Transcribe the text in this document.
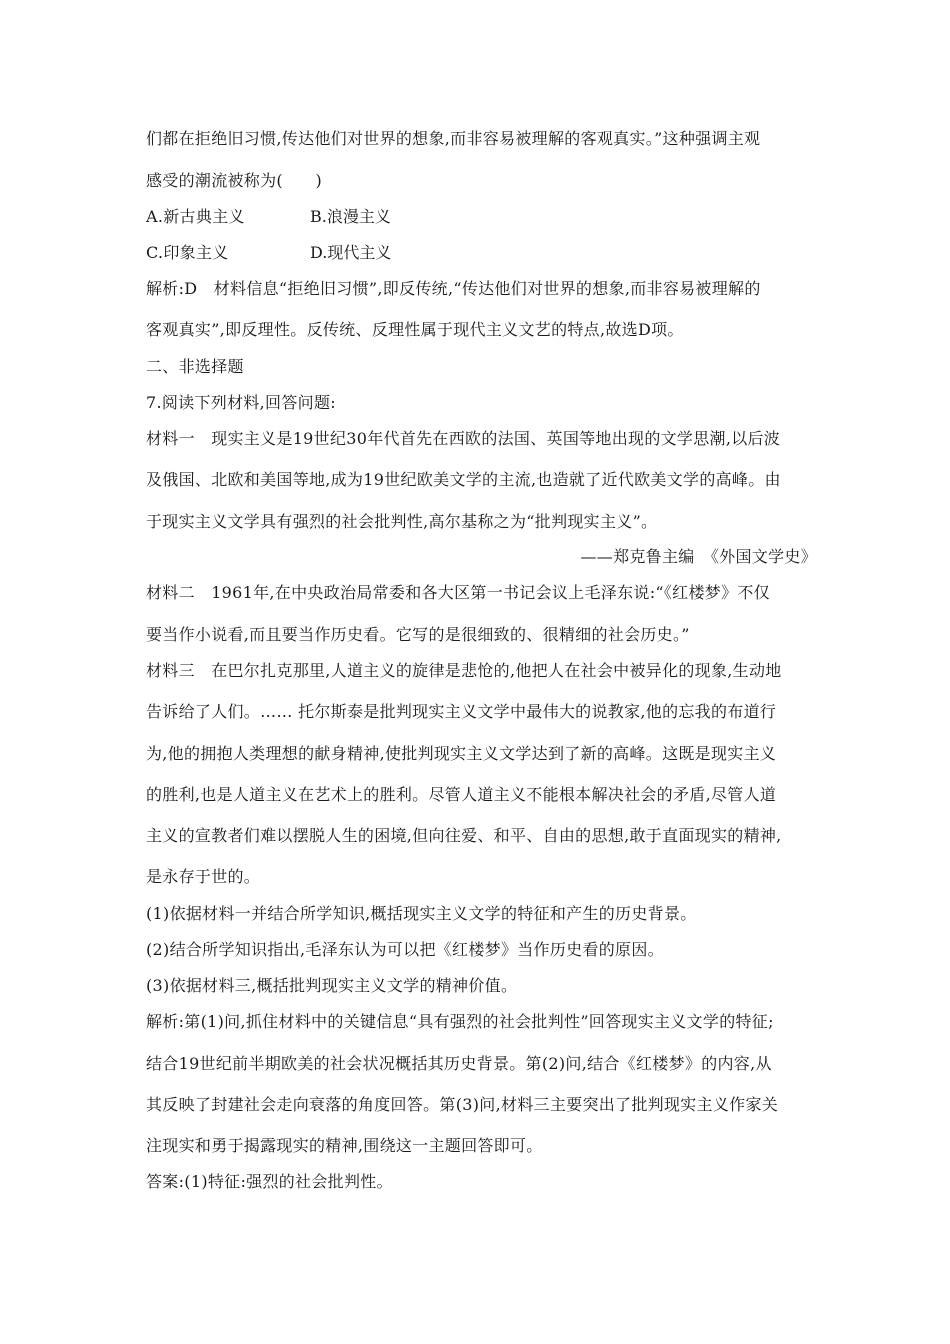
们都在拒绝旧习惯,传达他们对世界的想象,而非容易被理解的客观真实。”这种强调主观
感受的潮流被称为(　　)
A.新古典主义	B.浪漫主义
C.印象主义	D.现代主义
解析:D　材料信息“拒绝旧习惯”,即反传统,“传达他们对世界的想象,而非容易被理解的
客观真实”,即反理性。反传统、反理性属于现代主义文艺的特点,故选D项。
二、非选择题
7.阅读下列材料,回答问题:
材料一　现实主义是19世纪30年代首先在西欧的法国、英国等地出现的文学思潮,以后波
及俄国、北欧和美国等地,成为19世纪欧美文学的主流,也造就了近代欧美文学的高峰。由
于现实主义文学具有强烈的社会批判性,高尔基称之为“批判现实主义”。
——郑克鲁主编　《外国文学史》
材料二　1961年,在中央政治局常委和各大区第一书记会议上毛泽东说:“《红楼梦》不仅
要当作小说看,而且要当作历史看。它写的是很细致的、很精细的社会历史。”
材料三　在巴尔扎克那里,人道主义的旋律是悲怆的,他把人在社会中被异化的现象,生动地
告诉给了人们。…… 托尔斯泰是批判现实主义文学中最伟大的说教家,他的忘我的布道行
为,他的拥抱人类理想的献身精神,使批判现实主义文学达到了新的高峰。这既是现实主义
的胜利,也是人道主义在艺术上的胜利。尽管人道主义不能根本解决社会的矛盾,尽管人道
主义的宣教者们难以摆脱人生的困境,但向往爱、和平、自由的思想,敢于直面现实的精神,
是永存于世的。
(1)依据材料一并结合所学知识,概括现实主义文学的特征和产生的历史背景。
(2)结合所学知识指出,毛泽东认为可以把《红楼梦》当作历史看的原因。
(3)依据材料三,概括批判现实主义文学的精神价值。
解析:第(1)问,抓住材料中的关键信息“具有强烈的社会批判性”回答现实主义文学的特征;
结合19世纪前半期欧美的社会状况概括其历史背景。第(2)问,结合《红楼梦》的内容,从
其反映了封建社会走向衰落的角度回答。第(3)问,材料三主要突出了批判现实主义作家关
注现实和勇于揭露现实的精神,围绕这一主题回答即可。
答案:(1)特征:强烈的社会批判性。
